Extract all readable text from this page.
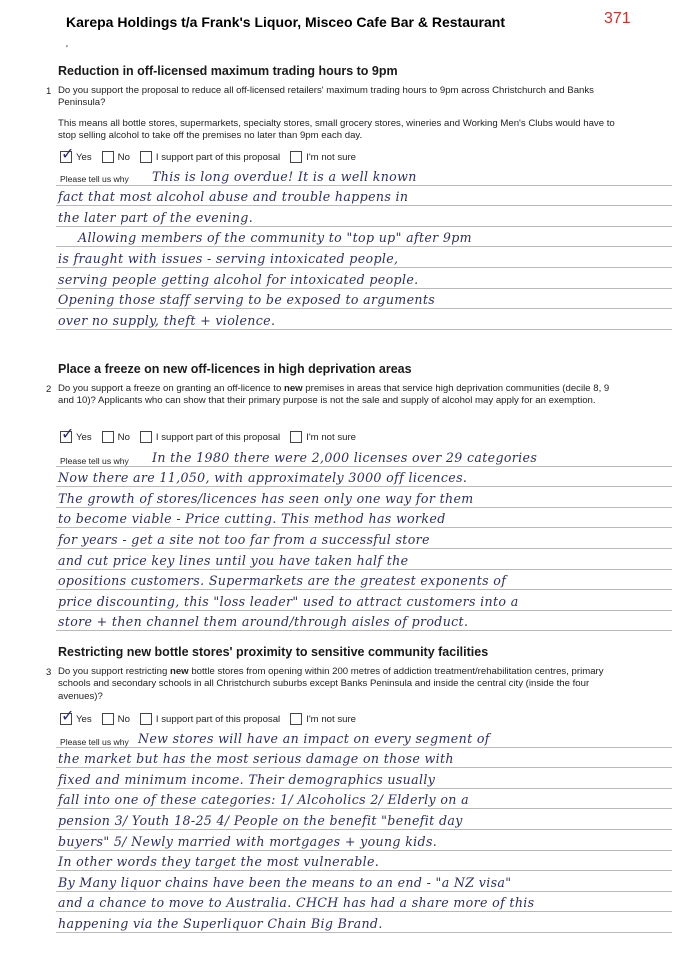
Karepa Holdings t/a Frank's Liquor, Misceo Cafe Bar & Restaurant	371
'
Reduction in off-licensed maximum trading hours to 9pm
1 Do you support the proposal to reduce all off-licensed retailers' maximum trading hours to 9pm across Christchurch and Banks Peninsula?
This means all bottle stores, supermarkets, specialty stores, small grocery stores, wineries and Working Men's Clubs would have to stop selling alcohol to take off the premises no later than 9pm each day.
✓ Yes	No	I support part of this proposal	I'm not sure
Please tell us why This is long overdue! It is a well known
fact that most alcohol abuse and trouble happens in
the later part of the evening.
Allowing members of the community to "top up" after 9pm
is fraught with issues - serving intoxicated people,
serving people getting alcohol for intoxicated people.
Opening those staff serving to be exposed to arguments
over no supply, theft + violence.
Place a freeze on new off-licences in high deprivation areas
2 Do you support a freeze on granting an off-licence to new premises in areas that service high deprivation communities (decile 8, 9 and 10)? Applicants who can show that their primary purpose is not the sale and supply of alcohol may apply for an exemption.
✓ Yes	No	I support part of this proposal	I'm not sure
Please tell us why In the 1980 there were 2,000 licenses over 29 categories
Now there are 11,050, with approximately 3000 off licences.
The growth of stores/licences has seen only one way for them
to become viable - Price cutting. This method has worked
for years - get a site not too far from a successful store
and cut price key lines until you have taken half the
opositions customers. Supermarkets are the greatest exponents of
price discounting, this "loss leader" used to attract customers into a
store + then channel them around/through aisles of product.
Restricting new bottle stores' proximity to sensitive community facilities
3 Do you support restricting new bottle stores from opening within 200 metres of addiction treatment/rehabilitation centres, primary schools and secondary schools in all Christchurch suburbs except Banks Peninsula and inside the central city (inside the four avenues)?
✓ Yes	No	I support part of this proposal	I'm not sure
Please tell us why New stores will have an impact on every segment of
the market but has the most serious damage on those with
fixed and minimum income. Their demographics usually
fall into one of these categories: 1/ Alcoholics 2/ Elderly on a
pension 3/ Youth 18-25 4/ People on the benefit "benefit day
buyers" 5/ Newly married with mortgages + young kids.
In other words they target the most vulnerable.
By Many liquor chains have been the means to an end - "a NZ visa"
and a chance to move to Australia. CHCH has had a share more of this
happening via the Superliquor Chain Big Brand.
